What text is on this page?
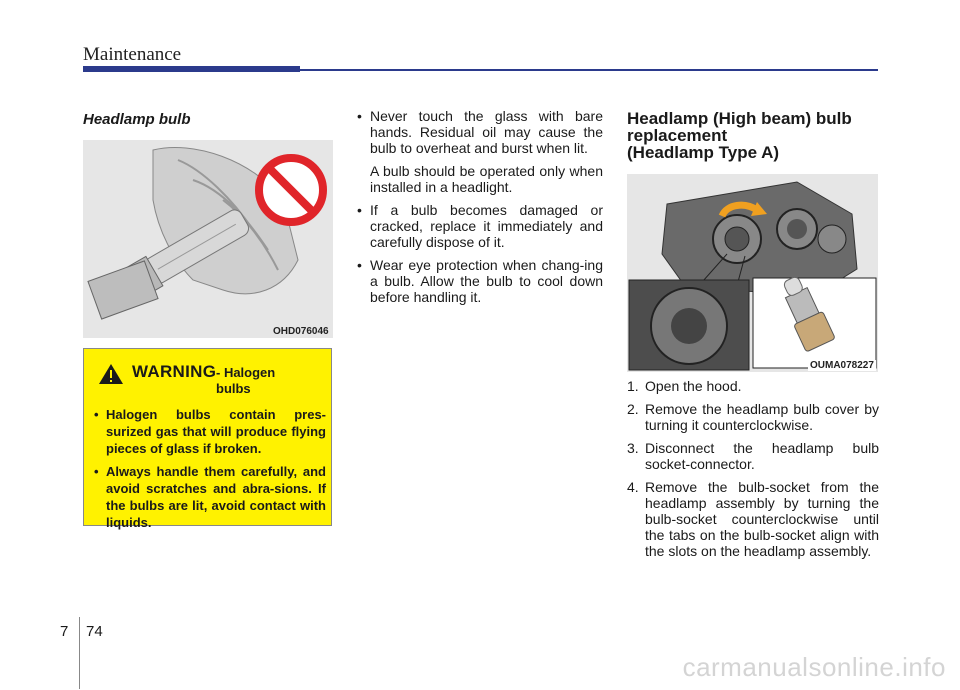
Maintenance
Headlamp bulb
OHD076046
WARNING - Halogen bulbs
• Halogen bulbs contain pres-surized gas that will produce flying pieces of glass if broken.
• Always handle them carefully, and avoid scratches and abra-sions. If the bulbs are lit, avoid contact with liquids.

• Never touch the glass with bare hands. Residual oil may cause the bulb to overheat and burst when lit.

A bulb should be operated only when installed in a headlight.

• If a bulb becomes damaged or cracked, replace it immediately and carefully dispose of it.

• Wear eye protection when chang-ing a bulb. Allow the bulb to cool down before handling it.

Headlamp (High beam) bulb replacement
(Headlamp Type A)
OUMA078227
1. Open the hood.
2. Remove the headlamp bulb cover by turning it counterclockwise.
3. Disconnect the headlamp bulb socket-connector.
4. Remove the bulb-socket from the headlamp assembly by turning the bulb-socket counterclockwise until the tabs on the bulb-socket align with the slots on the headlamp assembly.
7 74
carmanualsonline.info
